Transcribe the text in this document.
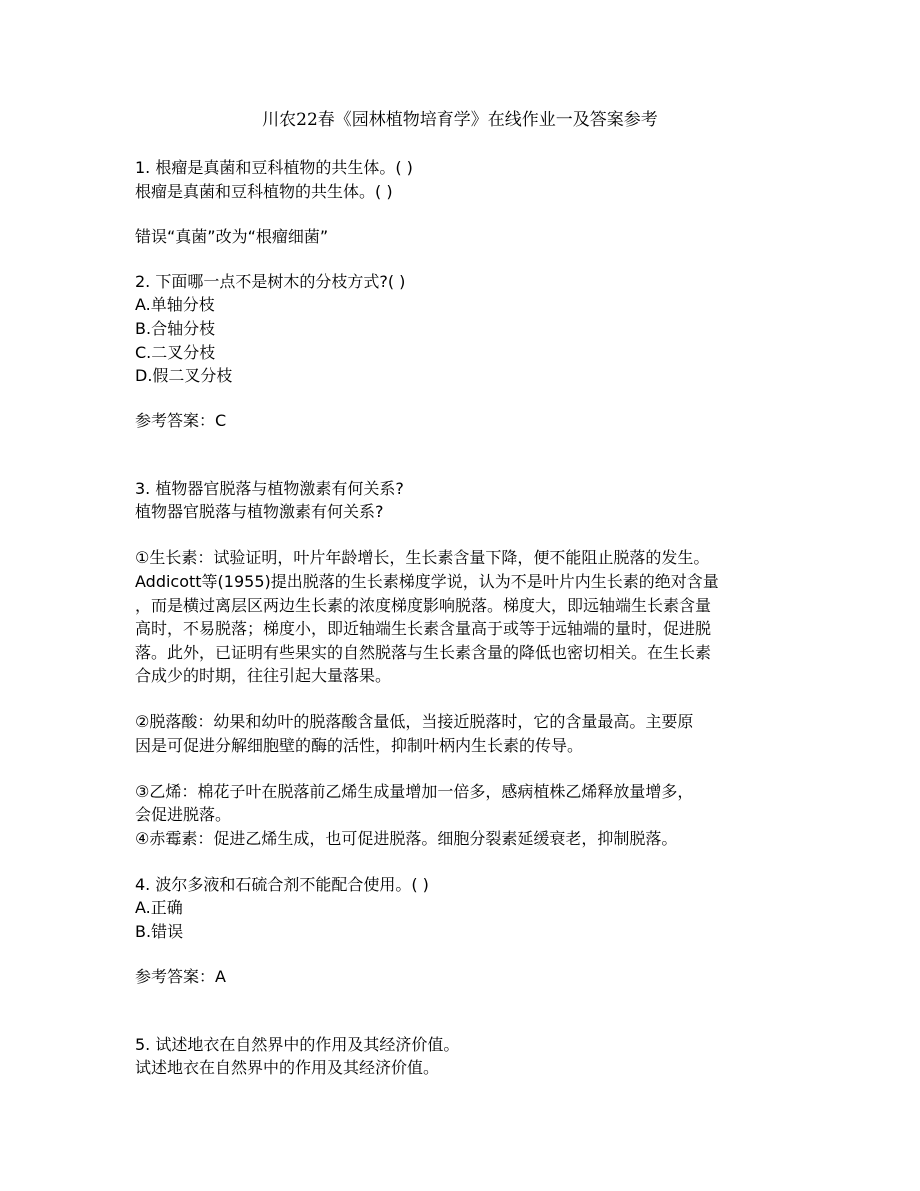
川农22春《园林植物培育学》在线作业一及答案参考
1. 根瘤是真菌和豆科植物的共生体。( )
根瘤是真菌和豆科植物的共生体。( )
错误“真菌”改为“根瘤细菌”
2. 下面哪一点不是树木的分枝方式?( )
A.单轴分枝
B.合轴分枝
C.二叉分枝
D.假二叉分枝
参考答案：C
3. 植物器官脱落与植物激素有何关系?
植物器官脱落与植物激素有何关系?
①生长素：试验证明，叶片年龄增长，生长素含量下降，便不能阻止脱落的发生。
Addicott等(1955)提出脱落的生长素梯度学说，认为不是叶片内生长素的绝对含量
，而是横过离层区两边生长素的浓度梯度影响脱落。梯度大，即远轴端生长素含量
高时，不易脱落；梯度小，即近轴端生长素含量高于或等于远轴端的量时，促进脱
落。此外，已证明有些果实的自然脱落与生长素含量的降低也密切相关。在生长素
合成少的时期，往往引起大量落果。
②脱落酸：幼果和幼叶的脱落酸含量低，当接近脱落时，它的含量最高。主要原
因是可促进分解细胞壁的酶的活性，抑制叶柄内生长素的传导。
③乙烯：棉花子叶在脱落前乙烯生成量增加一倍多，感病植株乙烯释放量增多，
会促进脱落。
④赤霉素：促进乙烯生成，也可促进脱落。细胞分裂素延缓衰老，抑制脱落。
4. 波尔多液和石硫合剂不能配合使用。( )
A.正确
B.错误
参考答案：A
5. 试述地衣在自然界中的作用及其经济价值。
试述地衣在自然界中的作用及其经济价值。
